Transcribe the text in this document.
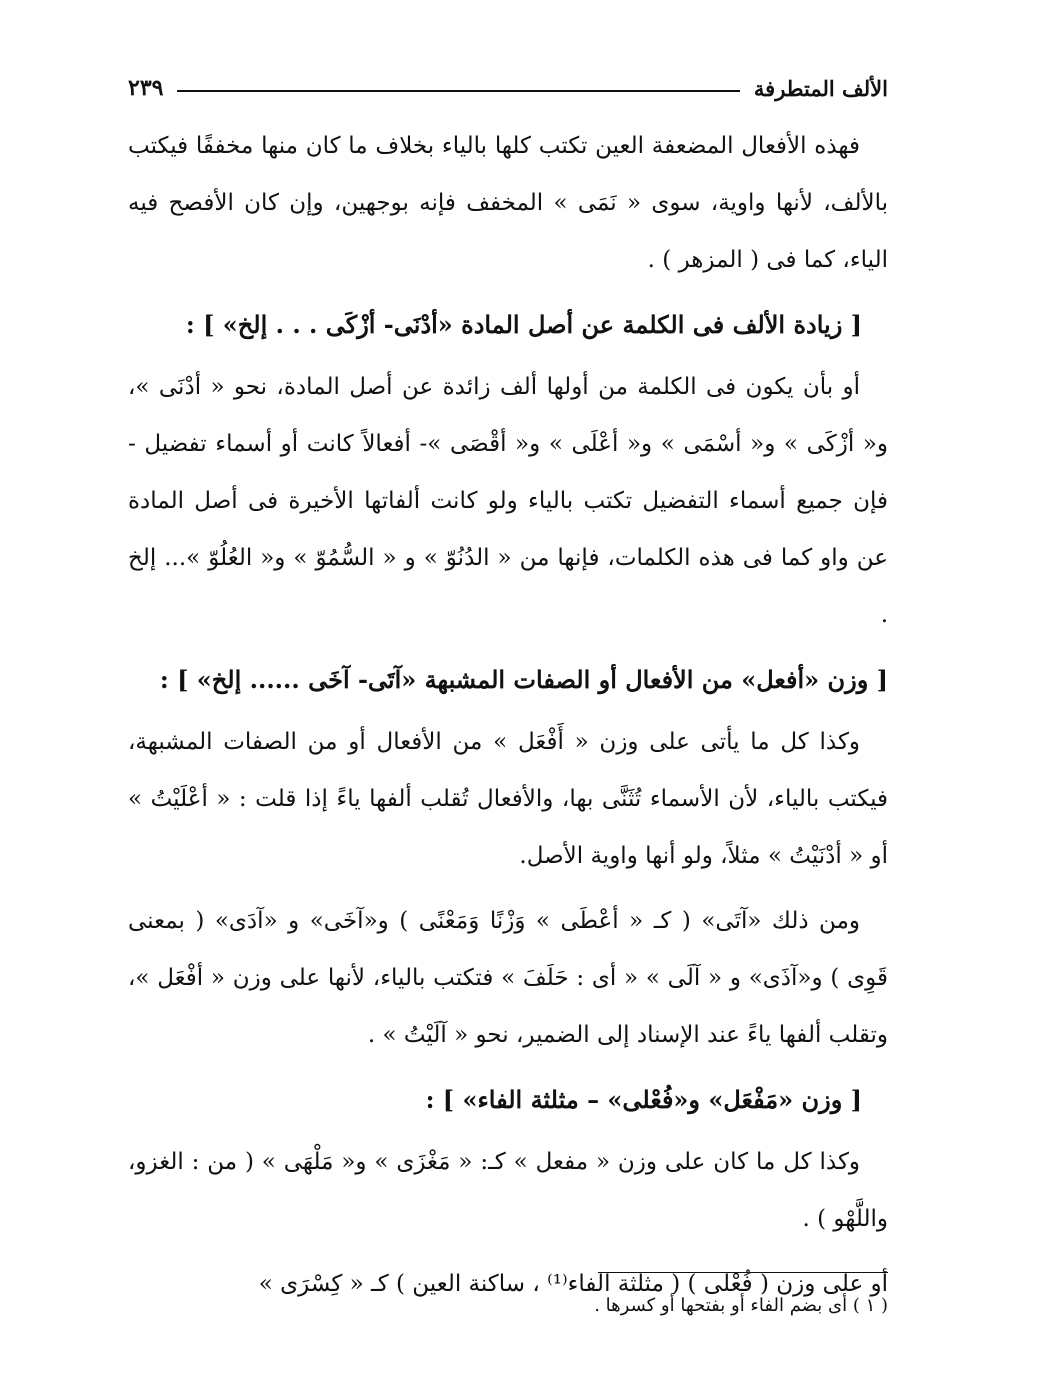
الألف المتطرفة
٢٣٩

فهذه الأفعال المضعفة العين تكتب كلها بالياء بخلاف ما كان منها مخففًا فيكتب بالألف، لأنها واوية، سوى « نَمَى » المخفف فإنه بوجهين، وإن كان الأفصح فيه الياء، كما فى ( المزهر ) .

[ زيادة الألف فى الكلمة عن أصل المادة «أدْنَى- أزْكَى . . . إلخ» ] :

أو بأن يكون فى الكلمة من أولها ألف زائدة عن أصل المادة، نحو « أدْنَى »، و« أزْكَى » و« أسْمَى » و« أعْلَى » و« أقْصَى »- أفعالاً كانت أو أسماء تفضيل - فإن جميع أسماء التفضيل تكتب بالياء ولو كانت ألفاتها الأخيرة فى أصل المادة عن واو كما فى هذه الكلمات، فإنها من « الدُنُوّ » و « السُّمُوّ » و« العُلُوّ »... إلخ .

[ وزن «أفعل» من الأفعال أو الصفات المشبهة «آتَى- آخَى ...... إلخ» ] :

وكذا كل ما يأتى على وزن « أَفْعَل » من الأفعال أو من الصفات المشبهة، فيكتب بالياء، لأن الأسماء تُثَنَّى بها، والأفعال تُقلب ألفها ياءً إذا قلت : « أعْلَيْتُ » أو « أدْنَيْتُ » مثلاً، ولو أنها واوية الأصل.

ومن ذلك «آتَى» ( كـ « أعْطَى » وَزْنًا وَمَعْنًى ) و«آخَى» و «آدَى» ( بمعنى قَوِى ) و«آذَى» و « آلَى » « أى : حَلَفَ » فتكتب بالياء، لأنها على وزن « أفْعَل »، وتقلب ألفها ياءً عند الإسناد إلى الضمير، نحو « آلَيْتُ » .

[ وزن «مَفْعَل» و«فُعْلى» – مثلثة الفاء» ] :

وكذا كل ما كان على وزن « مفعل » كـ: « مَغْزَى » و« مَلْهَى » ( من : الغزو، واللَّهْو ) .

أو على وزن ( فُعْلى ) ( مثلثة الفاء⁽¹⁾ ، ساكنة العين ) كـ « كِسْرَى »

( ١ ) أى بضم الفاء أو بفتحها أو كسرها .
